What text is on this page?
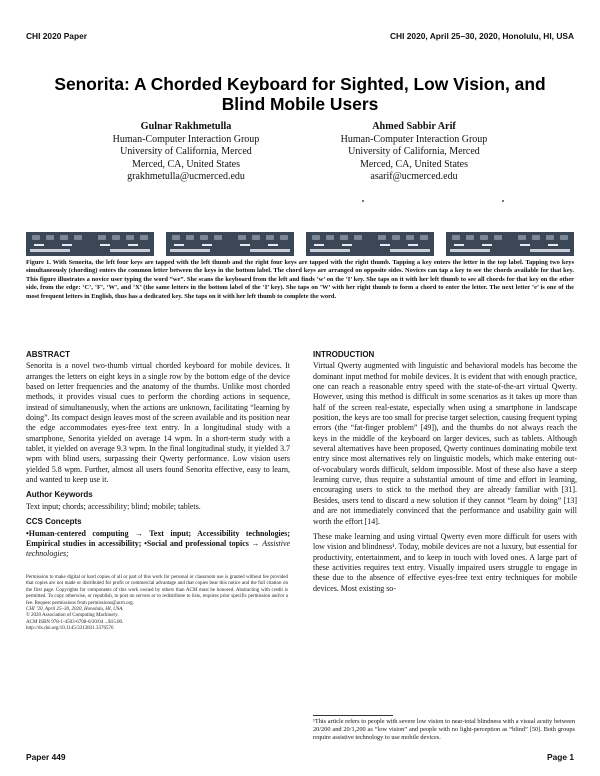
CHI 2020 Paper	CHI 2020, April 25–30, 2020, Honolulu, HI, USA
Senorita: A Chorded Keyboard for Sighted, Low Vision, and Blind Mobile Users
Gulnar Rakhmetulla
Human-Computer Interaction Group
University of California, Merced
Merced, CA, United States
grakhmetulla@ucmerced.edu
Ahmed Sabbir Arif
Human-Computer Interaction Group
University of California, Merced
Merced, CA, United States
asarif@ucmerced.edu
Figure 1. With Senorita, the left four keys are tapped with the left thumb and the right four keys are tapped with the right thumb. Tapping a key enters the letter in the top label. Tapping two keys simultaneously (chording) enters the common letter between the keys in the bottom label. The chord keys are arranged on opposite sides. Novices can tap a key to see the chords available for that key. This figure illustrates a novice user typing the word “we”. She scans the keyboard from the left and finds ‘w’ on the ‘I’ key. She taps on it with her left thumb to see all chords for that key on the other side, from the edge: ‘C’, ‘F’, ‘W’, and ‘X’ (the same letters in the bottom label of the ‘I’ key). She taps on ‘W’ with her right thumb to form a chord to enter the letter. The next letter ‘e’ is one of the most frequent letters in English, thus has a dedicated key. She taps on it with her left thumb to complete the word.
ABSTRACT
Senorita is a novel two-thumb virtual chorded keyboard for mobile devices. It arranges the letters on eight keys in a single row by the bottom edge of the device based on letter frequencies and the anatomy of the thumbs. Unlike most chorded methods, it provides visual cues to perform the chording actions in sequence, instead of simultaneously, when the actions are unknown, facilitating “learning by doing”. Its compact design leaves most of the screen available and its position near the edge accommodates eyes-free text entry. In a longitudinal study with a smartphone, Senorita yielded on average 14 wpm. In a short-term study with a tablet, it yielded on average 9.3 wpm. In the final longitudinal study, it yielded 3.7 wpm with blind users, surpassing their Qwerty performance. Low vision users yielded 5.8 wpm. Further, almost all users found Senorita effective, easy to learn, and wanted to keep use it.
Author Keywords
Text input; chords; accessibility; blind; mobile; tablets.
CCS Concepts
•Human-centered computing → Text input; Accessibility technologies; Empirical studies in accessibility; •Social and professional topics → Assistive technologies;
Permission to make digital or hard copies of all or part of this work for personal or classroom use is granted without fee provided that copies are not made or distributed for profit or commercial advantage and that copies bear this notice and the full citation on the first page. Copyrights for components of this work owned by others than ACM must be honored. Abstracting with credit is permitted. To copy otherwise, or republish, to post on servers or to redistribute to lists, requires prior specific permission and/or a fee. Request permissions from permissions@acm.org.
CHI ’20, April 25–30, 2020, Honolulu, HI, USA.
© 2020 Association of Computing Machinery.
ACM ISBN 978-1-4503-6708-0/20/04 ...$15.00.
http://dx.doi.org/10.1145/3313831.3376576
INTRODUCTION
Virtual Qwerty augmented with linguistic and behavioral models has become the dominant input method for mobile devices. It is evident that with enough practice, one can reach a reasonable entry speed with the state-of-the-art virtual Qwerty. However, using this method is difficult in some scenarios as it takes up more than half of the screen real-estate, especially when using a smartphone in landscape position, the keys are too small for precise target selection, causing frequent typing errors (the “fat-finger problem” [49]), and the thumbs do not always reach the keys in the middle of the keyboard on larger devices, such as tablets. Although several alternatives have been proposed, Qwerty continues dominating mobile text entry since most alternatives rely on linguistic models, which make entering out-of-vocabulary words difficult, seldom impossible. Most of these also have a steep learning curve, thus require a substantial amount of time and effort in learning, encouraging users to stick to the method they are already familiar with [31]. Besides, users tend to discard a new solution if they cannot “learn by doing” [13] and are not immediately convinced that the performance and usability gain will worth the effort [14].
These make learning and using virtual Qwerty even more difficult for users with low vision and blindness¹. Today, mobile devices are not a luxury, but essential for productivity, entertainment, and to keep in touch with loved ones. A large part of these activities requires text entry. Visually impaired users struggle to engage in these due to the absence of effective eyes-free text entry techniques for mobile devices. Most existing so-
¹This article refers to people with severe low vision to near-total blindness with a visual acuity between 20/200 and 20/1,200 as “low vision” and people with no light-perception as “blind” [50]. Both groups require assistive technology to use mobile devices.
Paper 449	Page 1
